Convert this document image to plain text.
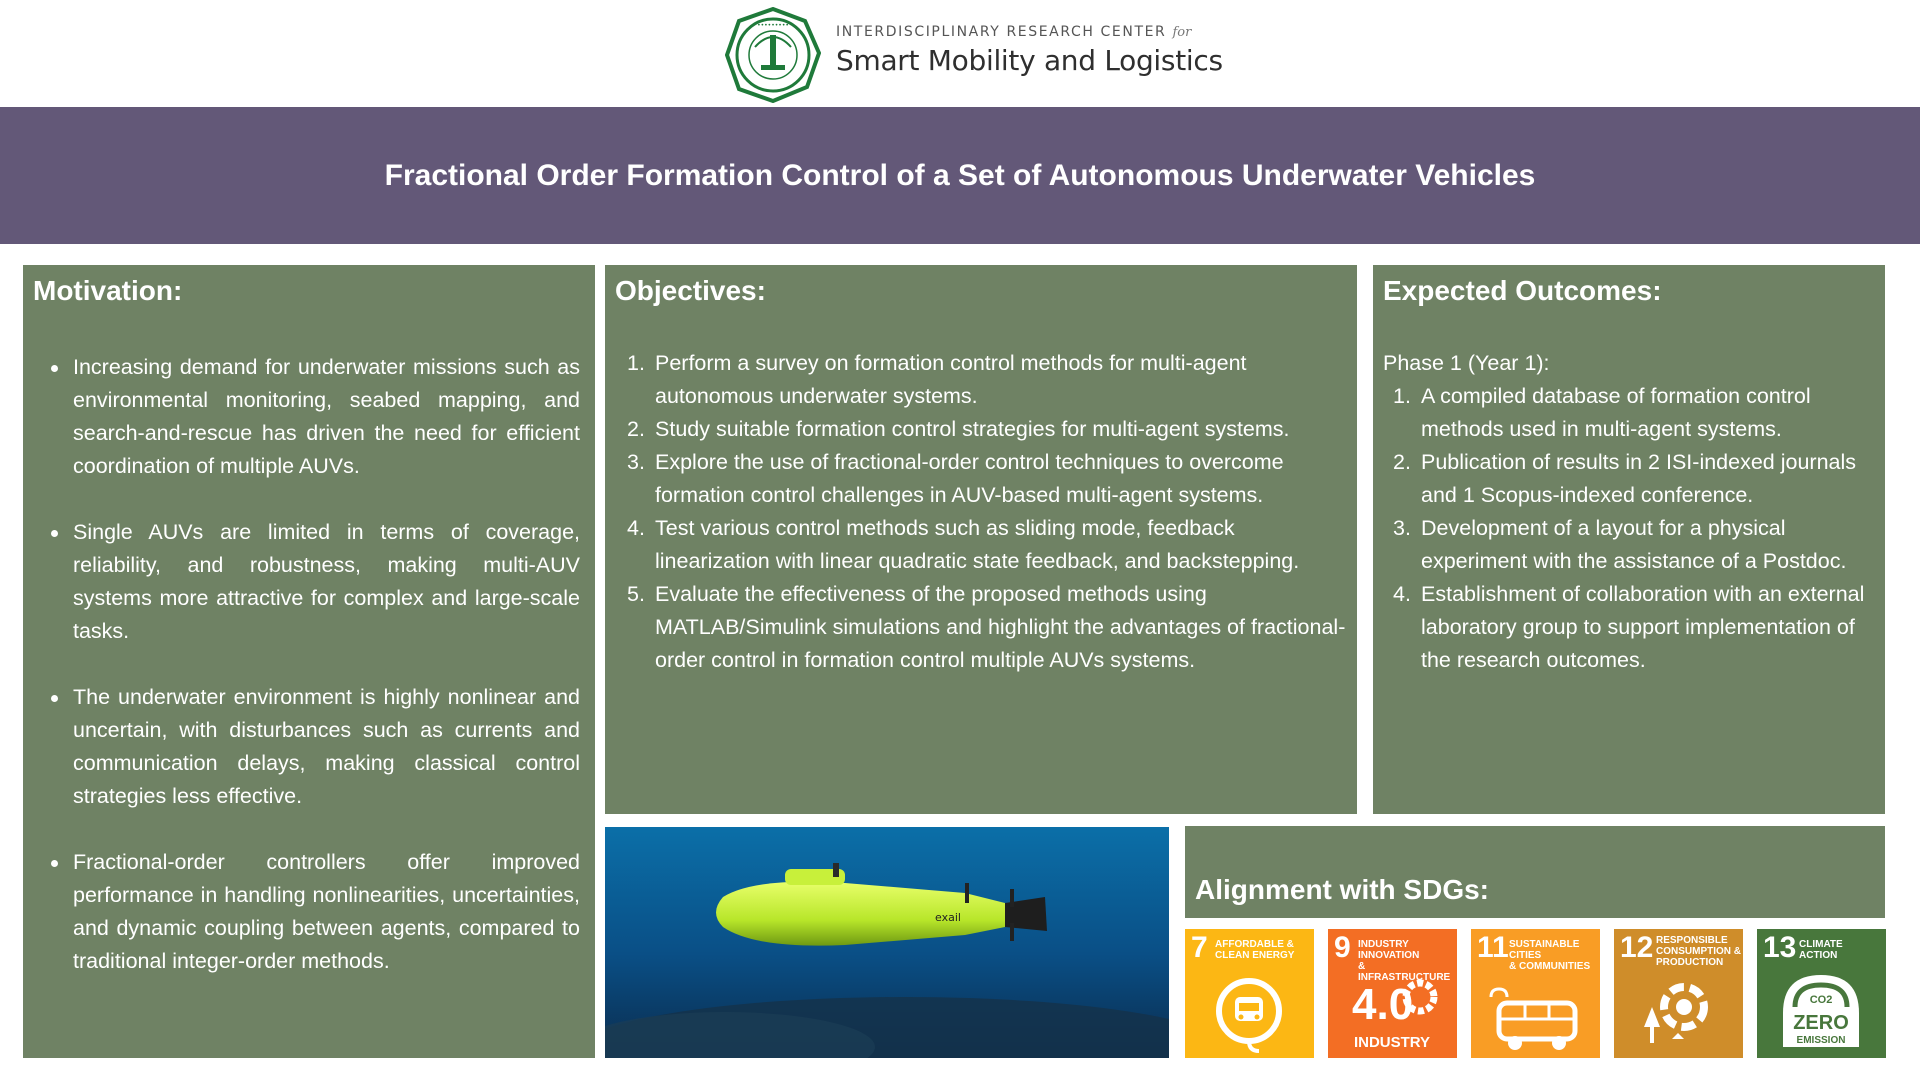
•••••••••	INTERDISCIPLINARY RESEARCH CENTER for
Smart Mobility and Logistics
Fractional Order Formation Control of a Set of Autonomous Underwater Vehicles
Motivation:
Increasing demand for underwater missions such as environmental monitoring, seabed mapping, and search-and-rescue has driven the need for efficient coordination of multiple AUVs.
Single AUVs are limited in terms of coverage, reliability, and robustness, making multi-AUV systems more attractive for complex and large-scale tasks.
The underwater environment is highly nonlinear and uncertain, with disturbances such as currents and communication delays, making classical control strategies less effective.
Fractional-order controllers offer improved performance in handling nonlinearities, uncertainties, and dynamic coupling between agents, compared to traditional integer-order methods.
Objectives:
1. Perform a survey on formation control methods for multi-agent autonomous underwater systems.
2. Study suitable formation control strategies for multi-agent systems.
3. Explore the use of fractional-order control techniques to overcome formation control challenges in AUV-based multi-agent systems.
4. Test various control methods such as sliding mode, feedback linearization with linear quadratic state feedback, and backstepping.
5. Evaluate the effectiveness of the proposed methods using MATLAB/Simulink simulations and highlight the advantages of fractional-order control in formation control multiple AUVs systems.
Expected Outcomes:
Phase 1 (Year 1):
1. A compiled database of formation control methods used in multi-agent systems.
2. Publication of results in 2 ISI-indexed journals and 1 Scopus-indexed conference.
3. Development of a layout for a physical experiment with the assistance of a Postdoc.
4. Establishment of collaboration with an external laboratory group to support implementation of the research outcomes.
exail
Alignment with SDGs:
7 AFFORDABLE &
CLEAN ENERGY 9 INDUSTRY INNOVATION
& INFRASTRUCTURE
4.0
INDUSTRY
11 SUSTAINABLE CITIES
& COMMUNITIES
12 RESPONSIBLE
CONSUMPTION &
PRODUCTION	13 CLIMATE
ACTION
CO2
ZERO
EMISSION
